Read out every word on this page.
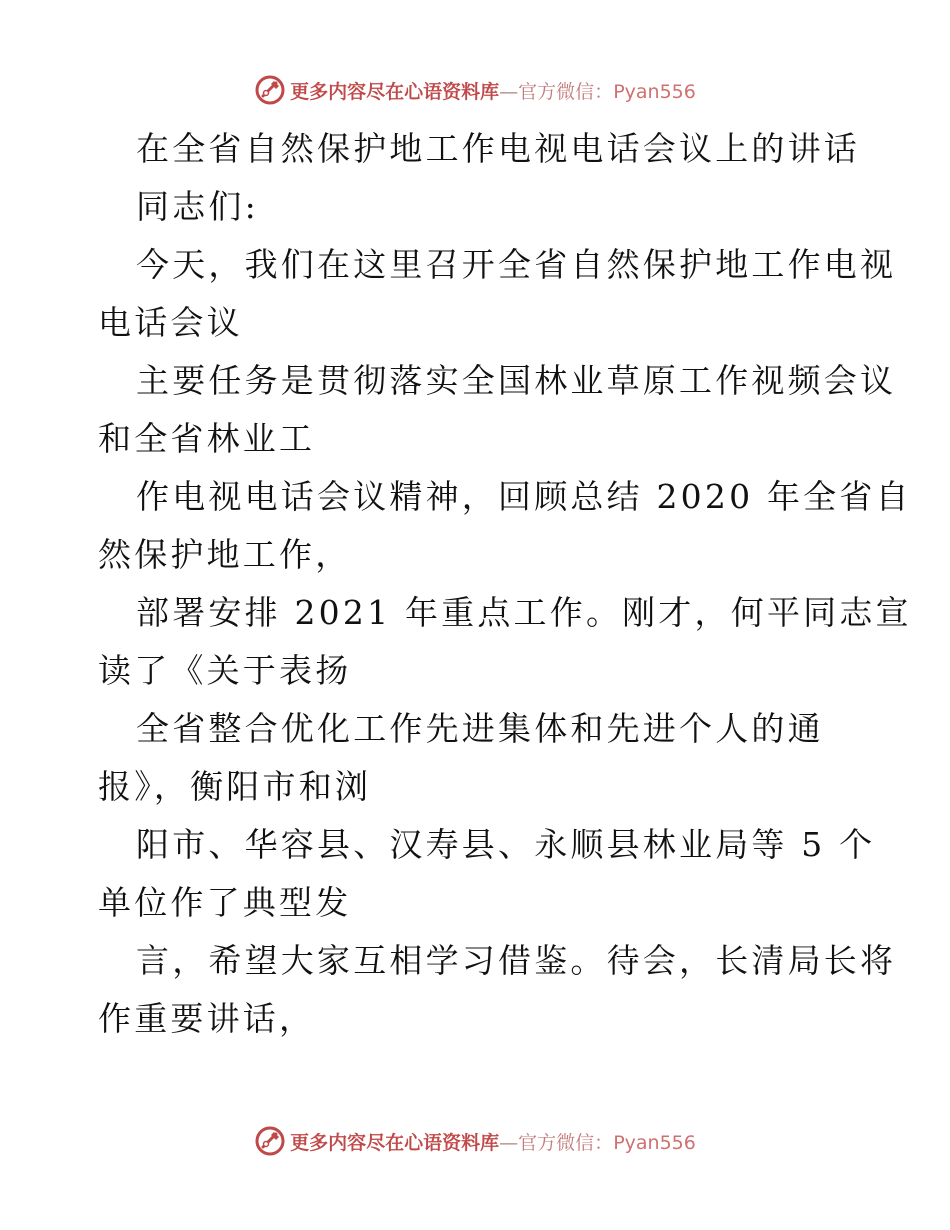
更多内容尽在心语资料库—官方微信：Pyan556
在全省自然保护地工作电视电话会议上的讲话
同志们:
今天，我们在这里召开全省自然保护地工作电视
电话会议
主要任务是贯彻落实全国林业草原工作视频会议
和全省林业工
作电视电话会议精神，回顾总结 2020 年全省自
然保护地工作，
部署安排 2021 年重点工作。刚才，何平同志宣
读了《关于表扬
全省整合优化工作先进集体和先进个人的通
报》，衡阳市和浏
阳市、华容县、汉寿县、永顺县林业局等 5 个
单位作了典型发
言，希望大家互相学习借鉴。待会，长清局长将
作重要讲话，
更多内容尽在心语资料库—官方微信：Pyan556
